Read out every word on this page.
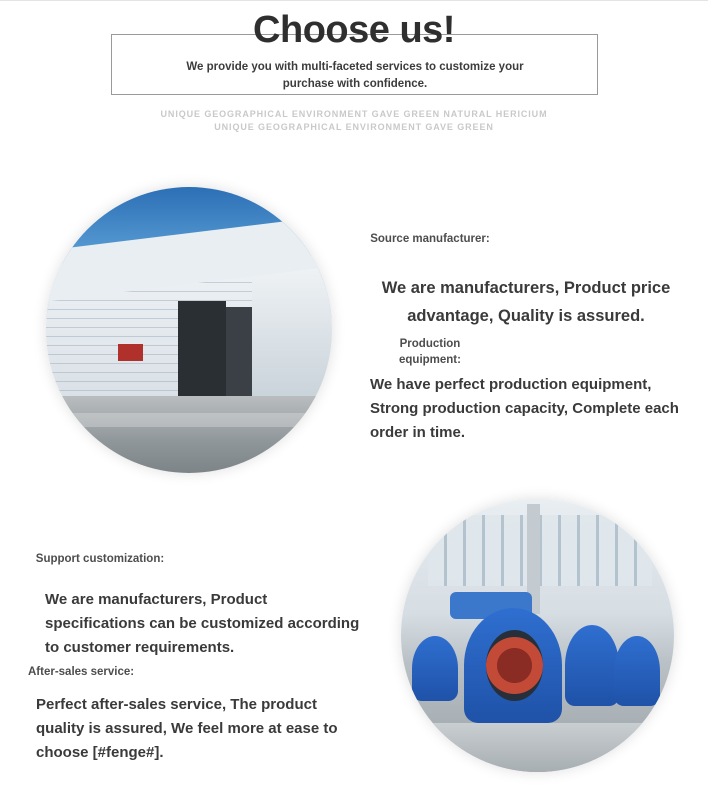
Choose us!
We provide you with multi-faceted services to customize your purchase with confidence.
UNIQUE GEOGRAPHICAL ENVIRONMENT GAVE GREEN NATURAL HERICIUM
UNIQUE GEOGRAPHICAL ENVIRONMENT GAVE GREEN
Source manufacturer:
We are manufacturers, Product price advantage, Quality is assured.
Production equipment:
We have perfect production equipment, Strong production capacity, Complete each order in time.
Support customization:
We are manufacturers, Product specifications can be customized according to customer requirements.
After-sales service:
Perfect after-sales service, The product quality is assured, We feel more at ease to choose [#fenge#].
